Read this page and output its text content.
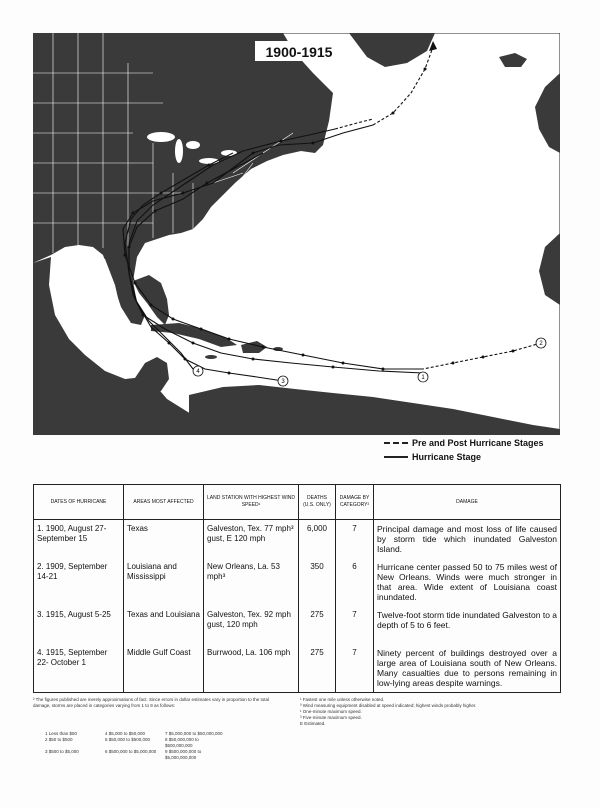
1900-1915
1
2
3
4
Pre and Post Hurricane Stages
Hurricane Stage
DATES OF HURRICANE	AREAS MOST AFFECTED	LAND STATION WITH HIGHEST WIND SPEED¹	DEATHS (U.S. ONLY)	DAMAGE BY CATEGORY²	DAMAGE
1. 1900, August 27-September 15	Texas	Galveston, Tex. 77 mph³ gust, E 120 mph	6,000	7	Principal damage and most loss of life caused by storm tide which inundated Galveston Island.
2. 1909, September 14-21	Louisiana and Mississippi	New Orleans, La. 53 mph³	350	6	Hurricane center passed 50 to 75 miles west of New Orleans. Winds were much stronger in that area. Wide extent of Louisiana coast inundated.
3. 1915, August 5-25	Texas and Louisiana	Galveston, Tex. 92 mph gust, 120 mph	275	7	Twelve-foot storm tide inundated Galveston to a depth of 5 to 6 feet.
4. 1915, September 22- October 1	Middle Gulf Coast	Burrwood, La. 106 mph	275	7	Ninety percent of buildings destroyed over a large area of Louisiana south of New Orleans. Many casualties due to persons remaining in low-lying areas despite warnings.

² The figures published are merely approximations of fact. Since errors in dollar estimates vary in proportion to the total damage, storms are placed in categories varying from 1 to 9 as follows:

¹ Fastest one mile unless otherwise noted.

³ Wind measuring equipment disabled at speed indicated; highest winds probably higher.

¹ One-minute maximum speed.

³ Five-minute maximum speed.

E Estimated.

1 Less than $50	4 $5,000 to $50,000	7 $5,000,000 to $50,000,000
2 $50 to $500	5 $50,000 to $500,000	8 $50,000,000 to $500,000,000
3 $500 to $5,000	6 $500,000 to $5,000,000	9 $500,000,000 to $5,000,000,000
